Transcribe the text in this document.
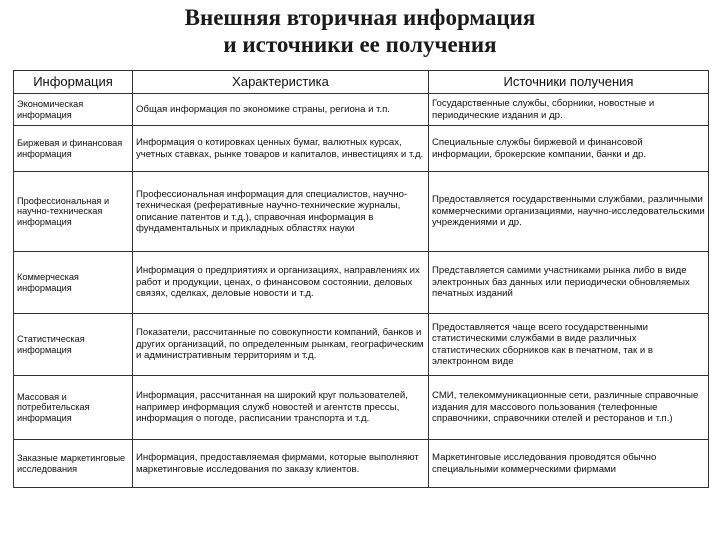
Внешняя вторичная информация
и источники ее получения
Информация	Характеристика	Источники получения
Экономическая информация	Общая информация по экономике страны, региона и т.п.	Государственные службы, сборники, новостные и периодические издания и др.
Биржевая и финансовая информация	Информация о котировках ценных бумаг, валютных курсах, учетных ставках, рынке товаров и капиталов, инвестициях и т.д.	Специальные службы биржевой и финансовой информации, брокерские компании, банки и др.
Профессиональная и научно-техническая информация	Профессиональная информация для специалистов, научно-техническая (реферативные научно-технические журналы, описание патентов и т.д.), справочная информация в фундаментальных и прикладных областях науки	Предоставляется государственными службами, различными коммерческими организациями, научно-исследовательскими учреждениями и др.
Коммерческая информация	Информация о предприятиях и организациях, направлениях их работ и продукции, ценах, о финансовом состоянии, деловых связях, сделках, деловые новости и т.д.	Представляется самими участниками рынка либо в виде электронных баз данных или периодически обновляемых печатных изданий
Статистическая информация	Показатели, рассчитанные по совокупности компаний, банков и других организаций, по определенным рынкам, географическим и административным территориям и т.д.	Предоставляется чаще всего государственными статистическими службами в виде различных статистических сборников как в печатном, так и в электронном виде
Массовая и потребительская информация	Информация, рассчитанная на широкий круг пользователей, например информация служб новостей и агентств прессы, информация о погоде, расписании транспорта и т.д.	СМИ, телекоммуникационные сети, различные справочные издания для массового пользования (телефонные справочники, справочники отелей и ресторанов и т.п.)
Заказные маркетинговые исследования	Информация, предоставляемая фирмами, которые выполняют маркетинговые исследования по заказу клиентов.	Маркетинговые исследования проводятся обычно специальными коммерческими фирмами
